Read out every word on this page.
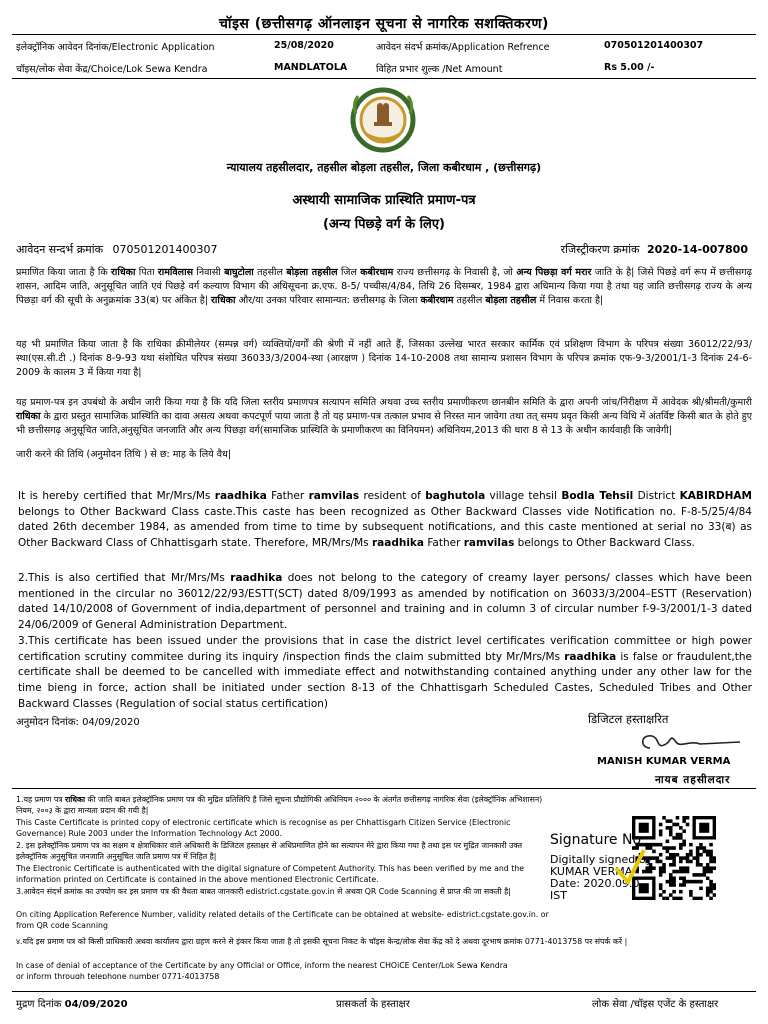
चॉइस (छत्तीसगढ़ ऑनलाइन सूचना से नागरिक सशक्तिकरण)
इलेक्ट्रॉनिक आवेदन दिनांक/Electronic Application	25/08/2020	आवेदन संदर्भ क्रमांक/Application Refrence	070501201400307
चॉइस/लोक सेवा केंद्र/Choice/Lok Sewa Kendra	MANDLATOLA	विहित प्रभार शुल्क /Net Amount	Rs 5.00 /-
न्यायालय तहसीलदार, तहसील बोड़ला तहसील, जिला कबीरधाम , (छत्तीसगढ़)
अस्थायी सामाजिक प्रास्थिति प्रमाण-पत्र
(अन्य पिछड़े वर्ग के लिए)
आवेदन सन्दर्भ क्रमांक 070501201400307	रजिस्ट्रीकरण क्रमांक 2020-14-007800
प्रमाणित किया जाता है कि राधिका पिता रामविलास निवासी बाघुटोला तहसील बोड़ला तहसील जिल कबीरधाम राज्य छत्तीसगढ़ के निवासी है, जो अन्य पिछड़ा वर्ग मरार जाति के है| जिसे पिछड़े वर्ग रूप में छत्तीसगढ़ शासन, आदिम जाति, अनुसूचित जाति एवं पिछड़े वर्ग कल्याण विभाग की अधिसूचना क्र.एफ. 8-5/ पच्चीस/4/84, तिथि 26 दिसम्बर, 1984 द्वारा अधिमान्य किया गया है तथा यह जाति छत्तीसगढ़ राज्य के अन्य पिछड़ा वर्ग की सूची के अनुक्रमांक 33(ब) पर अंकित है| राधिका और/या उनका परिवार सामान्यत: छत्तीसगढ़ के जिला कबीरधाम तहसील बोड़ला तहसील में निवास करता है|
यह भी प्रमाणित किया जाता है कि राधिका क्रीमीलेयर (सम्पन्न वर्ग) व्यक्तियों/वर्गों की श्रेणी में नहीं आते हैं, जिसका उल्लेख भारत सरकार कार्मिक एवं प्रशिक्षण विभाग के परिपत्र संख्या 36012/22/93/स्था(एस.सी.टी .) दिनांक 8-9-93 यथा संशोधित परिपत्र संख्या 36033/3/2004-स्था (आरक्षण ) दिनांक 14-10-2008 तथा सामान्य प्रशासन विभाग के परिपत्र क्रमांक एफ-9-3/2001/1-3 दिनांक 24-6-2009 के कालम 3 में किया गया है|
यह प्रमाण-पत्र इन उपबंधो के अधीन जारी किया गया है कि यदि जिला स्तरीय प्रमाणपत्र सत्यापन समिति अथवा उच्च स्तरीय प्रमाणीकरण छानबीन समिति के द्वारा अपनी जांच/निरीक्षण में आवेदक श्री/श्रीमती/कुमारी राधिका के द्वारा प्रस्तुत सामाजिक प्रास्थिति का दावा असत्य अथवा कपटपूर्ण पाया जाता है तो यह प्रमाण-पत्र तत्काल प्रभाव से निरस्त मान जावेगा तथा तत् समय प्रवृत किसी अन्य विधि में अंतर्विष्ट किसी बात के होते हुए भी छत्तीसगढ़ अनुसूचित जाति,अनुसूचित जनजाति और अन्य पिछड़ा वर्ग(सामाजिक प्रास्थिति के प्रमाणीकरण का विनियमन) अधिनियम,2013 की धारा 8 से 13 के अधीन कार्यवाही कि जावेगी|
जारी करने की तिथि (अनुमोदन तिथि ) से छ: माह के लिये वैध|
It is hereby certified that Mr/Mrs/Ms raadhika Father ramvilas resident of baghutola village tehsil Bodla Tehsil District KABIRDHAM belongs to Other Backward Class caste.This caste has been recognized as Other Backward Classes vide Notification no. F-8-5/25/4/84 dated 26th december 1984, as amended from time to time by subsequent notifications, and this caste mentioned at serial no 33(ब) as Other Backward Class of Chhattisgarh state. Therefore, MR/Mrs/Ms raadhika Father ramvilas belongs to Other Backward Class.
2.This is also certified that Mr/Mrs/Ms raadhika does not belong to the category of creamy layer persons/ classes which have been mentioned in the circular no 36012/22/93/ESTT(SCT) dated 8/09/1993 as amended by notification on 36033/3/2004–ESTT (Reservation) dated 14/10/2008 of Government of india,department of personnel and training and in column 3 of circular number f-9-3/2001/1-3 dated 24/06/2009 of General Administration Department.
3.This certificate has been issued under the provisions that in case the district level certificates verification committee or high power certification scrutiny commitee during its inquiry /inspection finds the claim submitted bty Mr/Mrs/Ms raadhika is false or fraudulent,the certificate shall be deemed to be cancelled with immediate effect and notwithstanding contained anything under any other law for the time bieng in force, action shall be initiated under section 8-13 of the Chhattisgarh Scheduled Castes, Scheduled Tribes and Other Backward Classes (Regulation of social status certification)
अनुमोदन दिनांक: 04/09/2020	डिजिटल हस्ताक्षरित
MANISH KUMAR VERMA
नायब तहसीलदार
1.यह प्रमाण पत्र राधिका की जाति बाबत इलेक्ट्रॉनिक प्रमाण पत्र की मुद्रित प्रतिलिपि है जिसे सूचना प्रौद्योगिकी अधिनियम २००० के अंतर्गत छत्तीसगढ़ नागरिक सेवा (इलेक्ट्रॉनिक अभिशासन) नियम, २००३ के द्वारा मान्यता प्रदान की गयी है|
This Caste Certificate is printed copy of electronic certificate which is recognise as per Chhattisgarh Citizen Service (Electronic Governance) Rule 2003 under the Information Technology Act 2000.
2. इस इलेक्ट्रॉनिक प्रमाण पत्र का सक्षम व क्षेत्राधिकार वाले अधिकारी के डिजिटल हस्ताक्षर से अधिप्रमाणित होने का सत्यापन मेरे द्वारा किया गया है तथा इस पर मुद्रित जानकारी उक्त इलेक्ट्रॉनिक अनुसूचित जनजाति अनुसूचित जाति प्रमाण पत्र में निहित है|
The Electronic Certificate is authenticated with the digital signature of Competent Authority. This has been verified by me and the information printed on Certificate is contained in the above mentioned Electronic Certificate.
3.आवेदन संदर्भ क्रमांक का उपयोग कर इस प्रमाण पत्र की वैधता बाबत जानकारी edistrict.cgstate.gov.in से अथवा QR Code Scanning से प्राप्त की जा सकती है|
On citing Application Reference Number, validity related details of the Certificate can be obtained at website- edistrict.cgstate.gov.in. or from QR code Scanning
४.यदि इस प्रमाण पत्र को किसी प्राधिकारी अथवा कार्यालय द्वारा ग्रहण करने से इंकार किया जाता है तो इसकी सूचना निकट के चॉइस केन्द्र/लोक सेवा केंद्र को दे अथवा दूरभाष क्रमांक 0771-4013758 पर संपर्क करें |
In case of denial of acceptance of the Certificate by any Official or Office, inform the nearest CHOiCE Center/Lok Sewa Kendra
or inform through telephone number 0771-4013758
Signature No
Digitally signed by
KUMAR VERMA
Date: 2020.09.0
IST
मुद्रण दिनांक 04/09/2020	प्रासकर्ता के हस्ताक्षर	लोक सेवा /चॉइस एजेंट के हस्ताक्षर
